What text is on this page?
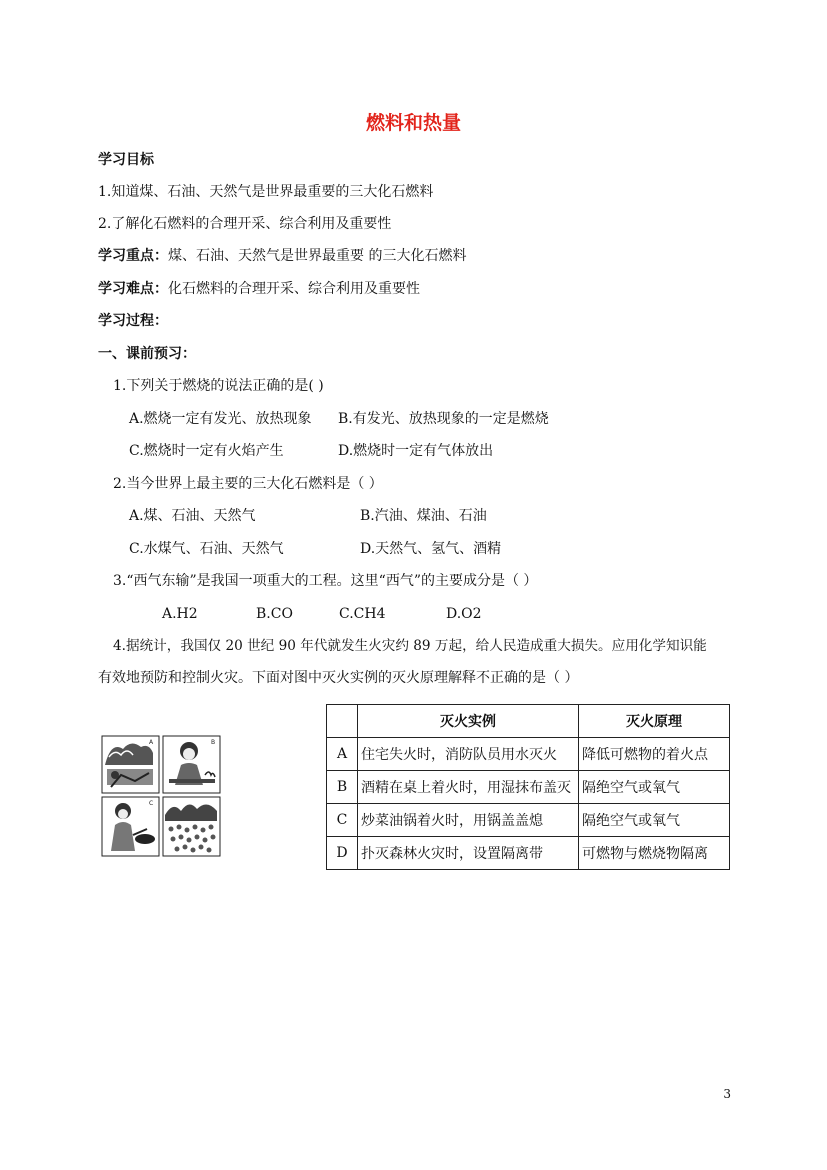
燃料和热量
学习目标
1.知道煤、石油、天然气是世界最重要的三大化石燃料
2.了解化石燃料的合理开采、综合利用及重要性
学习重点：煤、石油、天然气是世界最重要 的三大化石燃料
学习难点：化石燃料的合理开采、综合利用及重要性
学习过程：
一、课前预习：
1.下列关于燃烧的说法正确的是( )
A.燃烧一定有发光、放热现象 B.有发光、放热现象的一定是燃烧
C.燃烧时一定有火焰产生	D.燃烧时一定有气体放出
2.当今世界上最主要的三大化石燃料是（ ）
A.煤、石油、天然气	B.汽油、煤油、石油
C.水煤气、石油、天然气	D.天然气、氢气、酒精
3.“西气东输”是我国一项重大的工程。这里“西气”的主要成分是（ ）
A.H2	B.CO	C.CH4	D.O2
4.据统计，我国仅 20 世纪 90 年代就发生火灾约 89 万起，给人民造成重大损失。应用化学知识能
有效地预防和控制火灾。下面对图中灭火实例的灭火原理解释不正确的是（ ）
A	B
C	D
	灭火实例	灭火原理
A	住宅失火时，消防队员用水灭火	降低可燃物的着火点
B	酒精在桌上着火时，用湿抹布盖灭	隔绝空气或氧气
C	炒菜油锅着火时，用锅盖盖熄	隔绝空气或氧气
D	扑灭森林火灾时，设置隔离带	可燃物与燃烧物隔离
3
